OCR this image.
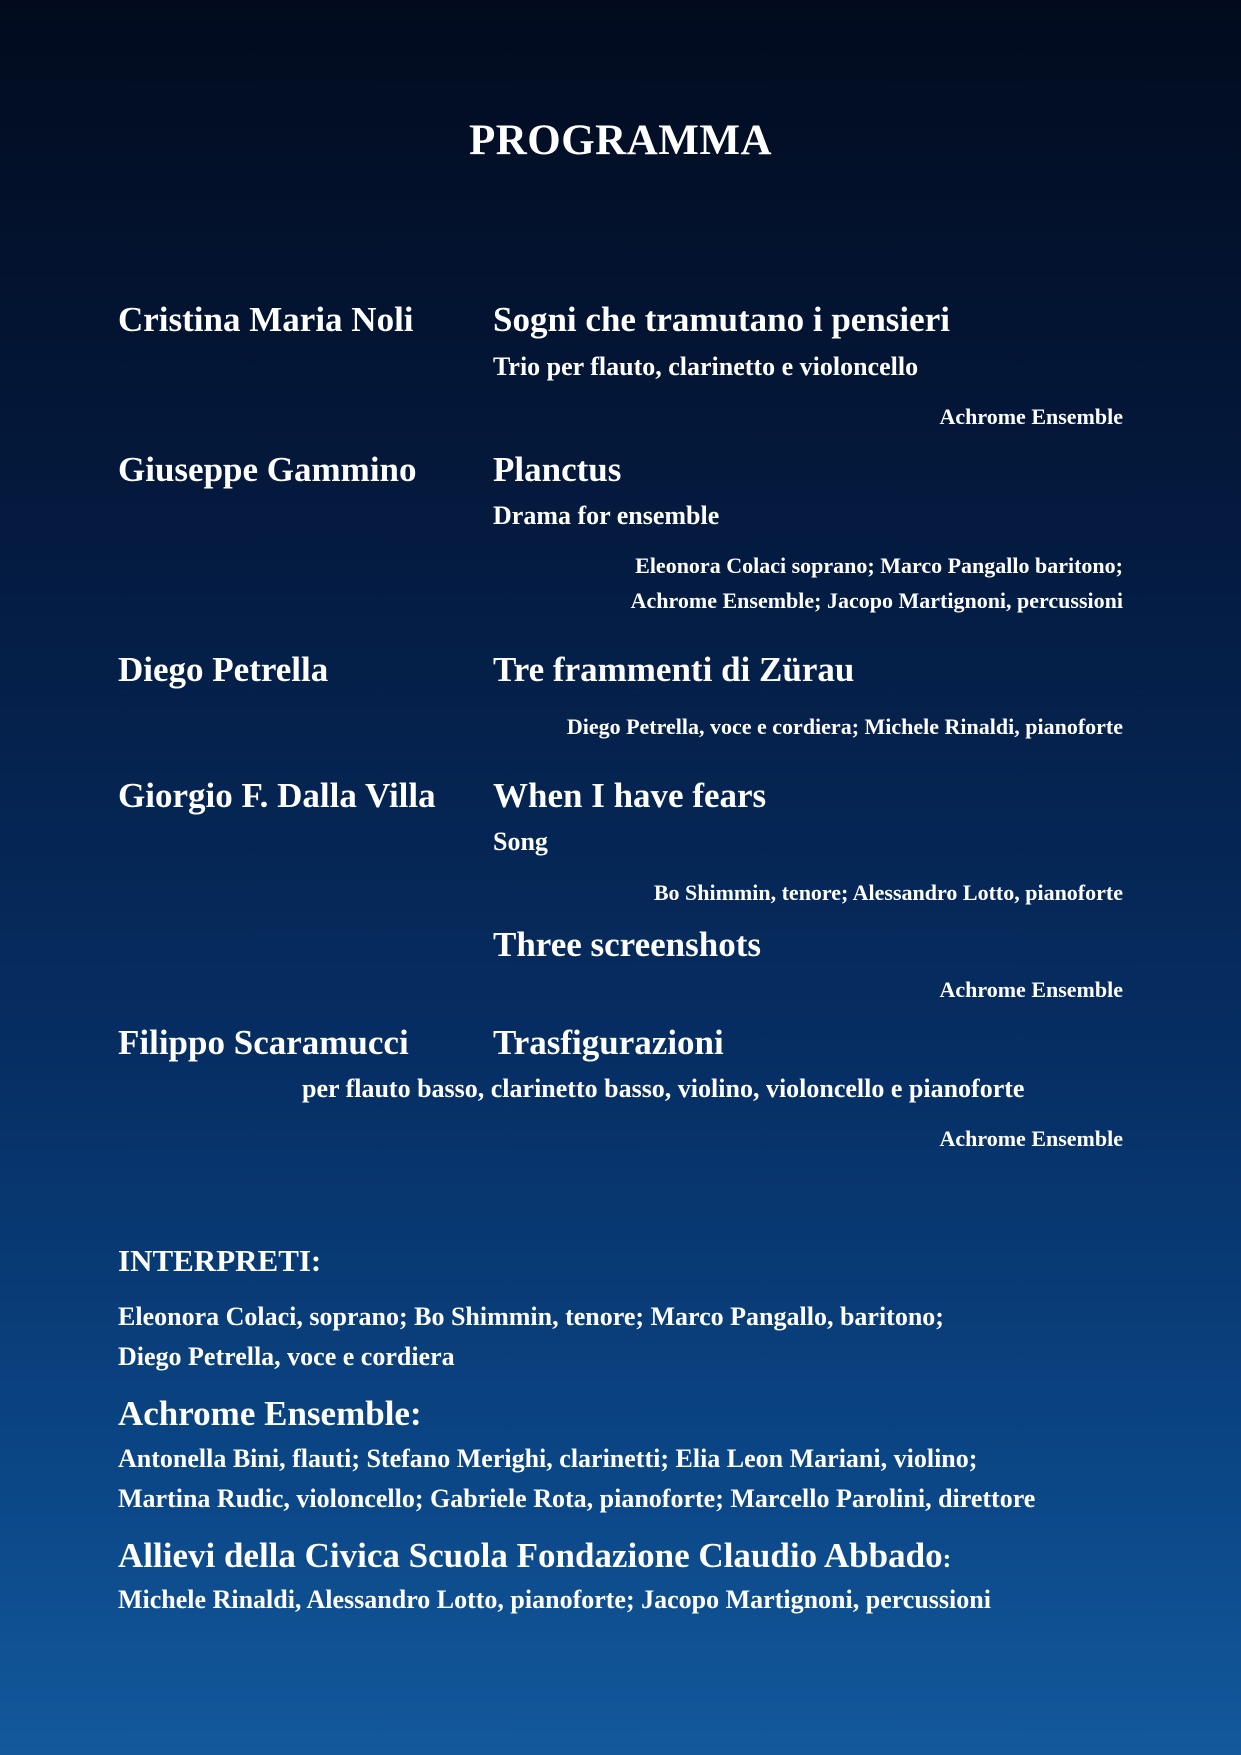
PROGRAMMA
Cristina Maria Noli Sogni che tramutano i pensieri
Trio per flauto, clarinetto e violoncello
Achrome Ensemble
Giuseppe Gammino Planctus
Drama for ensemble
Eleonora Colaci soprano; Marco Pangallo baritono;
Achrome Ensemble; Jacopo Martignoni, percussioni
Diego Petrella	Tre frammenti di Zürau
Diego Petrella, voce e cordiera; Michele Rinaldi, pianoforte
Giorgio F. Dalla Villa When I have fears
Song
Bo Shimmin, tenore; Alessandro Lotto, pianoforte
Three screenshots
Achrome Ensemble
Filippo Scaramucci Trasfigurazioni
per flauto basso, clarinetto basso, violino, violoncello e pianoforte
Achrome Ensemble
INTERPRETI:
Eleonora Colaci, soprano; Bo Shimmin, tenore; Marco Pangallo, baritono;
Diego Petrella, voce e cordiera
Achrome Ensemble:
Antonella Bini, flauti; Stefano Merighi, clarinetti; Elia Leon Mariani, violino;
Martina Rudic, violoncello; Gabriele Rota, pianoforte; Marcello Parolini, direttore
Allievi della Civica Scuola Fondazione Claudio Abbado:
Michele Rinaldi, Alessandro Lotto, pianoforte; Jacopo Martignoni, percussioni
